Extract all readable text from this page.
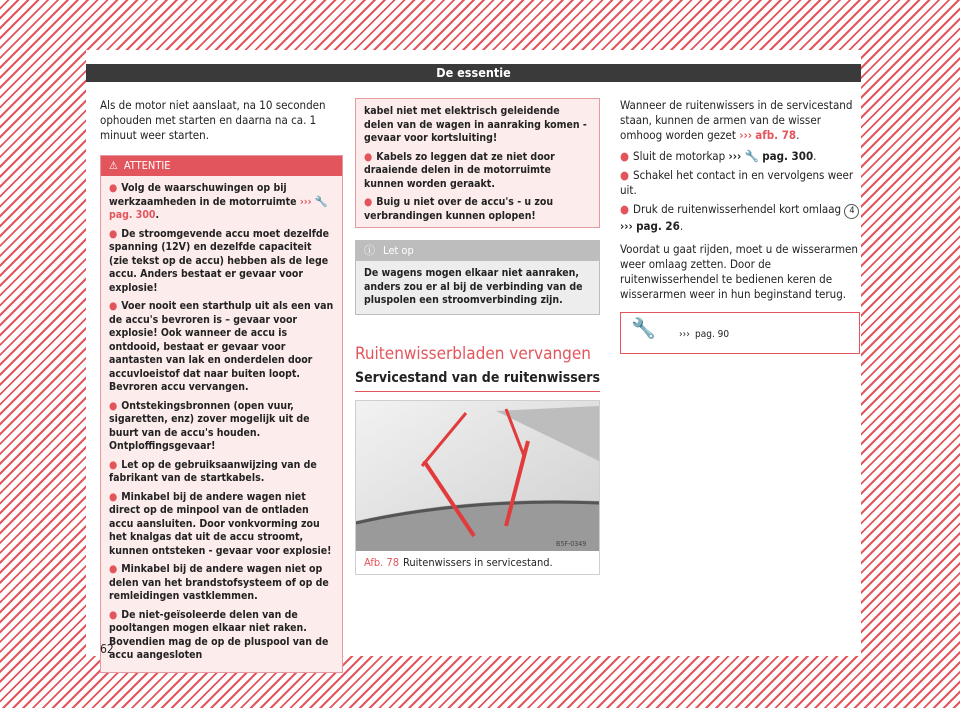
De essentie

Als de motor niet aanslaat, na 10 seconden ophouden met starten en daarna na ca. 1 minuut weer starten.

⚠ ATTENTIE
● Volg de waarschuwingen op bij werkzaamheden in de motorruimte ››› 🔧 pag. 300.
● De stroomgevende accu moet dezelfde spanning (12V) en dezelfde capaciteit (zie tekst op de accu) hebben als de lege accu. Anders bestaat er gevaar voor explosie!
● Voer nooit een starthulp uit als een van de accu's bevroren is – gevaar voor explosie! Ook wanneer de accu is ontdooid, bestaat er gevaar voor aantasten van lak en onderdelen door accuvloeistof dat naar buiten loopt. Bevroren accu vervangen.
● Ontstekingsbronnen (open vuur, sigaretten, enz) zover mogelijk uit de buurt van de accu's houden. Ontploffingsgevaar!
● Let op de gebruiksaanwijzing van de fabrikant van de startkabels.
● Minkabel bij de andere wagen niet direct op de minpool van de ontladen accu aansluiten. Door vonkvorming zou het knalgas dat uit de accu stroomt, kunnen ontsteken - gevaar voor explosie!
● Minkabel bij de andere wagen niet op delen van het brandstofsysteem of op de remleidingen vastklemmen.
● De niet-geïsoleerde delen van de pooltangen mogen elkaar niet raken. Bovendien mag de op de pluspool van de accu aangesloten
kabel niet met elektrisch geleidende delen van de wagen in aanraking komen - gevaar voor kortsluiting!
● Kabels zo leggen dat ze niet door draaiende delen in de motorruimte kunnen worden geraakt.
● Buig u niet over de accu's - u zou verbrandingen kunnen oplopen!
ⓘ Let op
De wagens mogen elkaar niet aanraken, anders zou er al bij de verbinding van de pluspolen een stroomverbinding zijn.
Ruitenwisserbladen vervangen
Servicestand van de ruitenwissers
B5F-0349
Afb. 78 Ruitenwissers in servicestand.

Wanneer de ruitenwissers in de servicestand staan, kunnen de armen van de wisser omhoog worden gezet ››› afb. 78.

● Sluit de motorkap ››› 🔧 pag. 300.

● Schakel het contact in en vervolgens weer uit.

● Druk de ruitenwisserhendel kort omlaag 4
››› pag. 26.

Voordat u gaat rijden, moet u de wisserarmen weer omlaag zetten. Door de ruitenwisserhendel te bedienen keren de wisserarmen weer in hun beginstand terug.

🔧 ››› pag. 90
62
